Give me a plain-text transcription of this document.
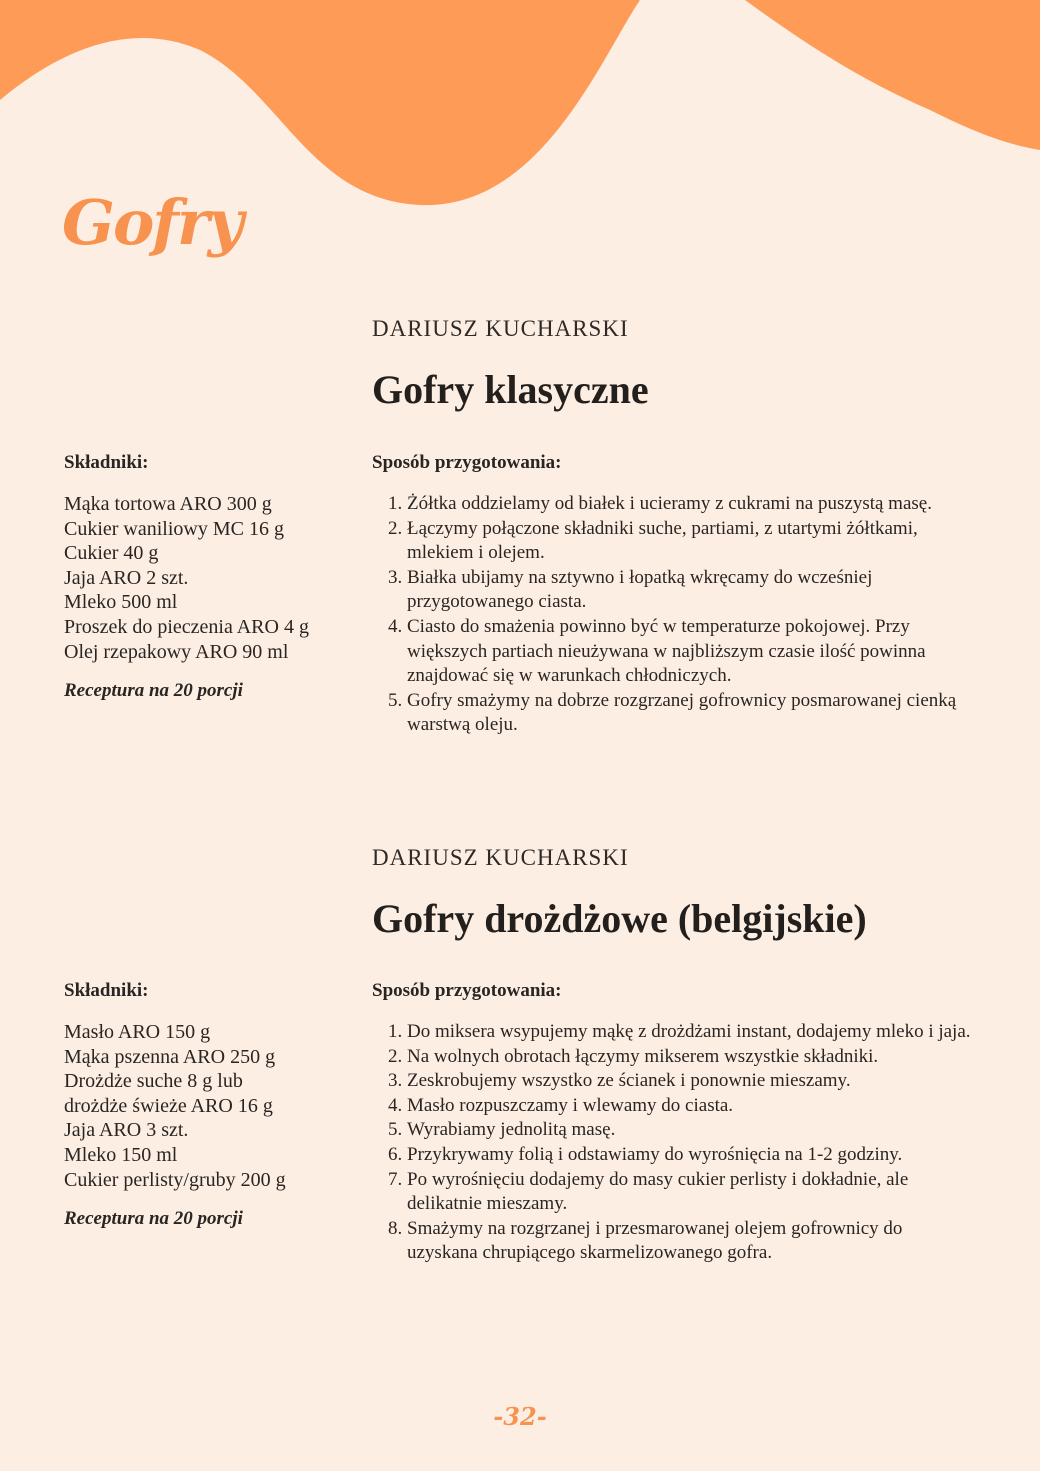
Gofry
DARIUSZ KUCHARSKI
Gofry klasyczne
Składniki:
Mąka tortowa ARO 300 g
Cukier waniliowy MC 16 g
Cukier 40 g
Jaja ARO 2 szt.
Mleko 500 ml
Proszek do pieczenia ARO 4 g
Olej rzepakowy ARO 90 ml
Receptura na 20 porcji
Sposób przygotowania:
1. Żółtka oddzielamy od białek i ucieramy z cukrami na puszystą masę.
2. Łączymy połączone składniki suche, partiami, z utartymi żółtkami, mlekiem i olejem.
3. Białka ubijamy na sztywno i łopatką wkręcamy do wcześniej przygotowanego ciasta.
4. Ciasto do smażenia powinno być w temperaturze pokojowej. Przy większych partiach nieużywana w najbliższym czasie ilość powinna znajdować się w warunkach chłodniczych.
5. Gofry smażymy na dobrze rozgrzanej gofrownicy posmarowanej cienką warstwą oleju.
DARIUSZ KUCHARSKI
Gofry drożdżowe (belgijskie)
Składniki:
Masło ARO 150 g
Mąka pszenna ARO 250 g
Drożdże suche 8 g lub
drożdże świeże ARO 16 g
Jaja ARO 3 szt.
Mleko 150 ml
Cukier perlisty/gruby 200 g
Receptura na 20 porcji
Sposób przygotowania:
1. Do miksera wsypujemy mąkę z drożdżami instant, dodajemy mleko i jaja.
2. Na wolnych obrotach łączymy mikserem wszystkie składniki.
3. Zeskrobujemy wszystko ze ścianek i ponownie mieszamy.
4. Masło rozpuszczamy i wlewamy do ciasta.
5. Wyrabiamy jednolitą masę.
6. Przykrywamy folią i odstawiamy do wyrośnięcia na 1-2 godziny.
7. Po wyrośnięciu dodajemy do masy cukier perlisty i dokładnie, ale delikatnie mieszamy.
8. Smażymy na rozgrzanej i przesmarowanej olejem gofrownicy do uzyskana chrupiącego skarmelizowanego gofra.
-32-
